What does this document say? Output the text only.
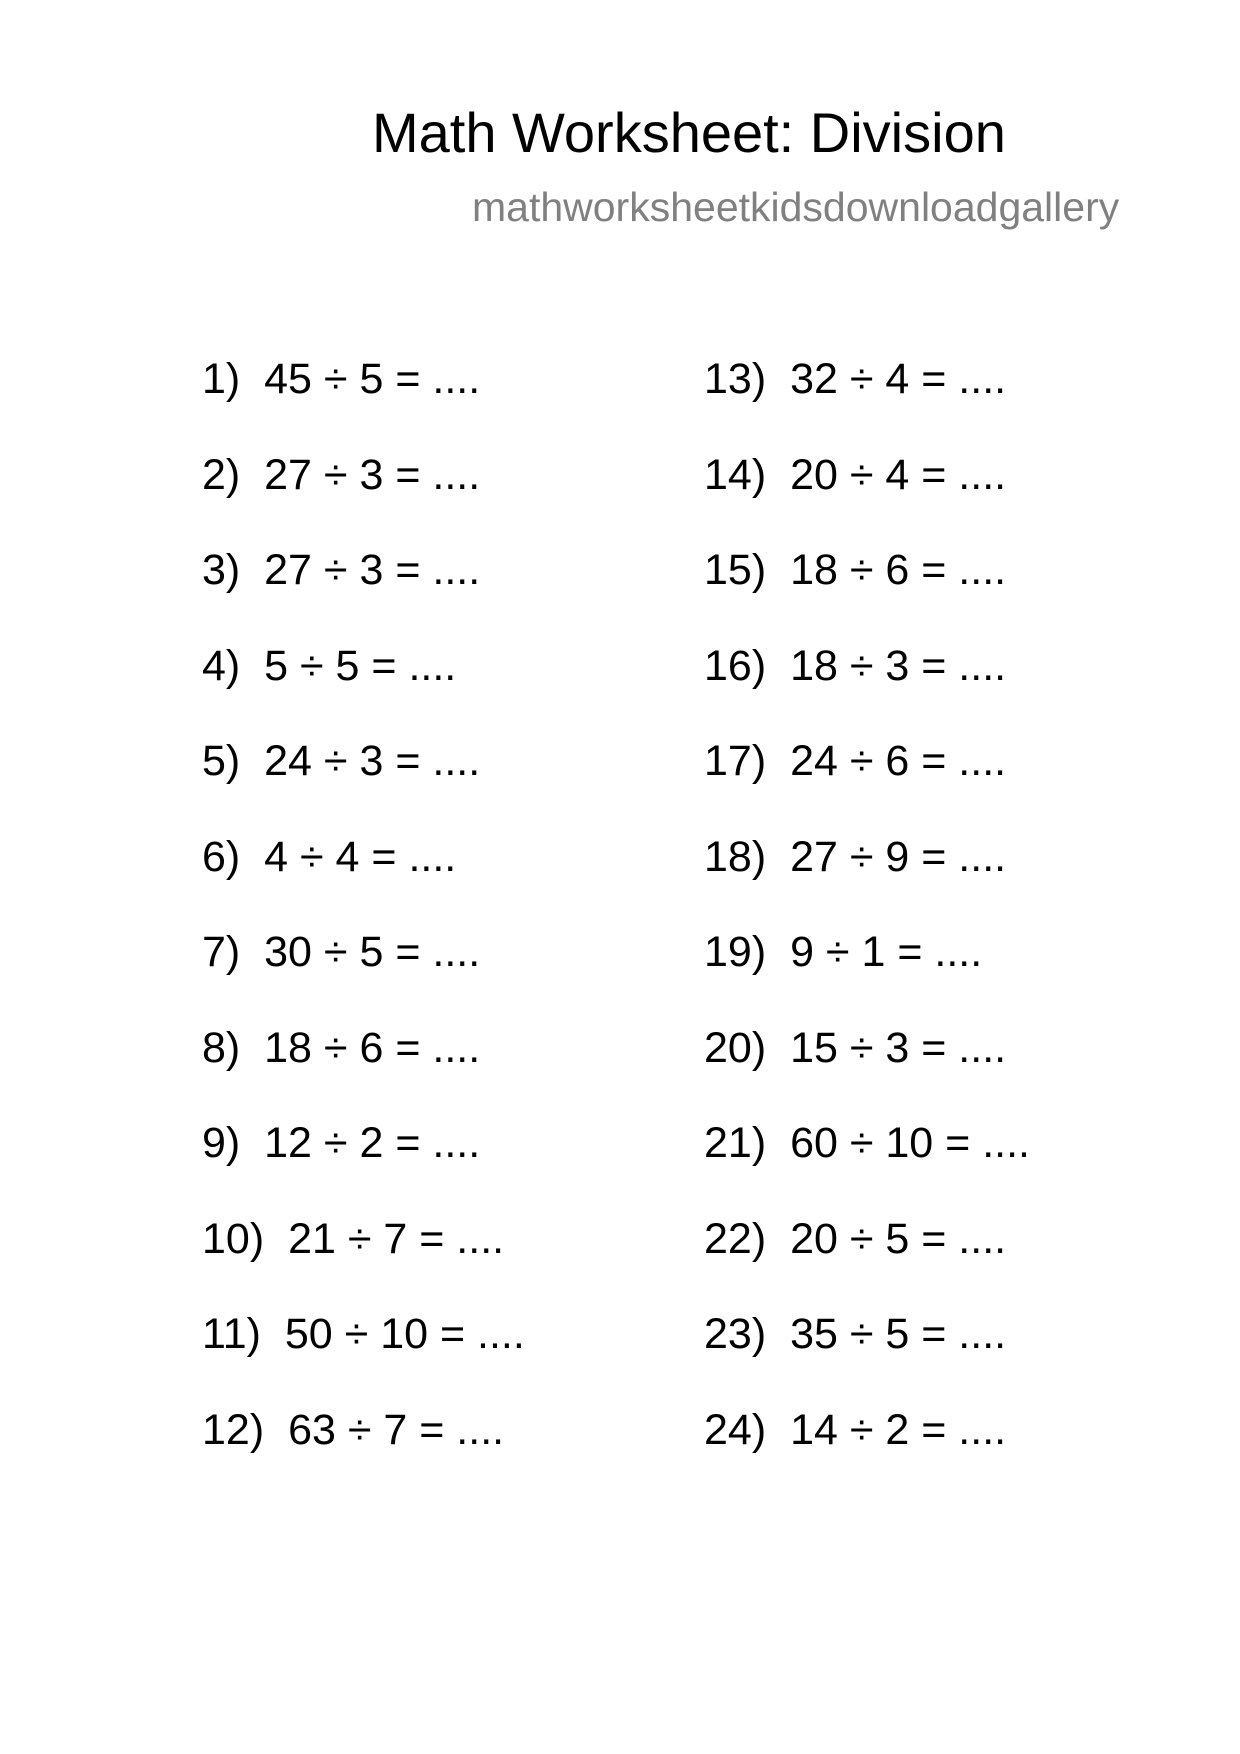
Math Worksheet: Division
mathworksheetkidsdownloadgallery
1) 45 ÷ 5 = ....
2) 27 ÷ 3 = ....
3) 27 ÷ 3 = ....
4) 5 ÷ 5 = ....
5) 24 ÷ 3 = ....
6) 4 ÷ 4 = ....
7) 30 ÷ 5 = ....
8) 18 ÷ 6 = ....
9) 12 ÷ 2 = ....
10) 21 ÷ 7 = ....
11) 50 ÷ 10 = ....
12) 63 ÷ 7 = ....
13) 32 ÷ 4 = ....
14) 20 ÷ 4 = ....
15) 18 ÷ 6 = ....
16) 18 ÷ 3 = ....
17) 24 ÷ 6 = ....
18) 27 ÷ 9 = ....
19) 9 ÷ 1 = ....
20) 15 ÷ 3 = ....
21) 60 ÷ 10 = ....
22) 20 ÷ 5 = ....
23) 35 ÷ 5 = ....
24) 14 ÷ 2 = ....
